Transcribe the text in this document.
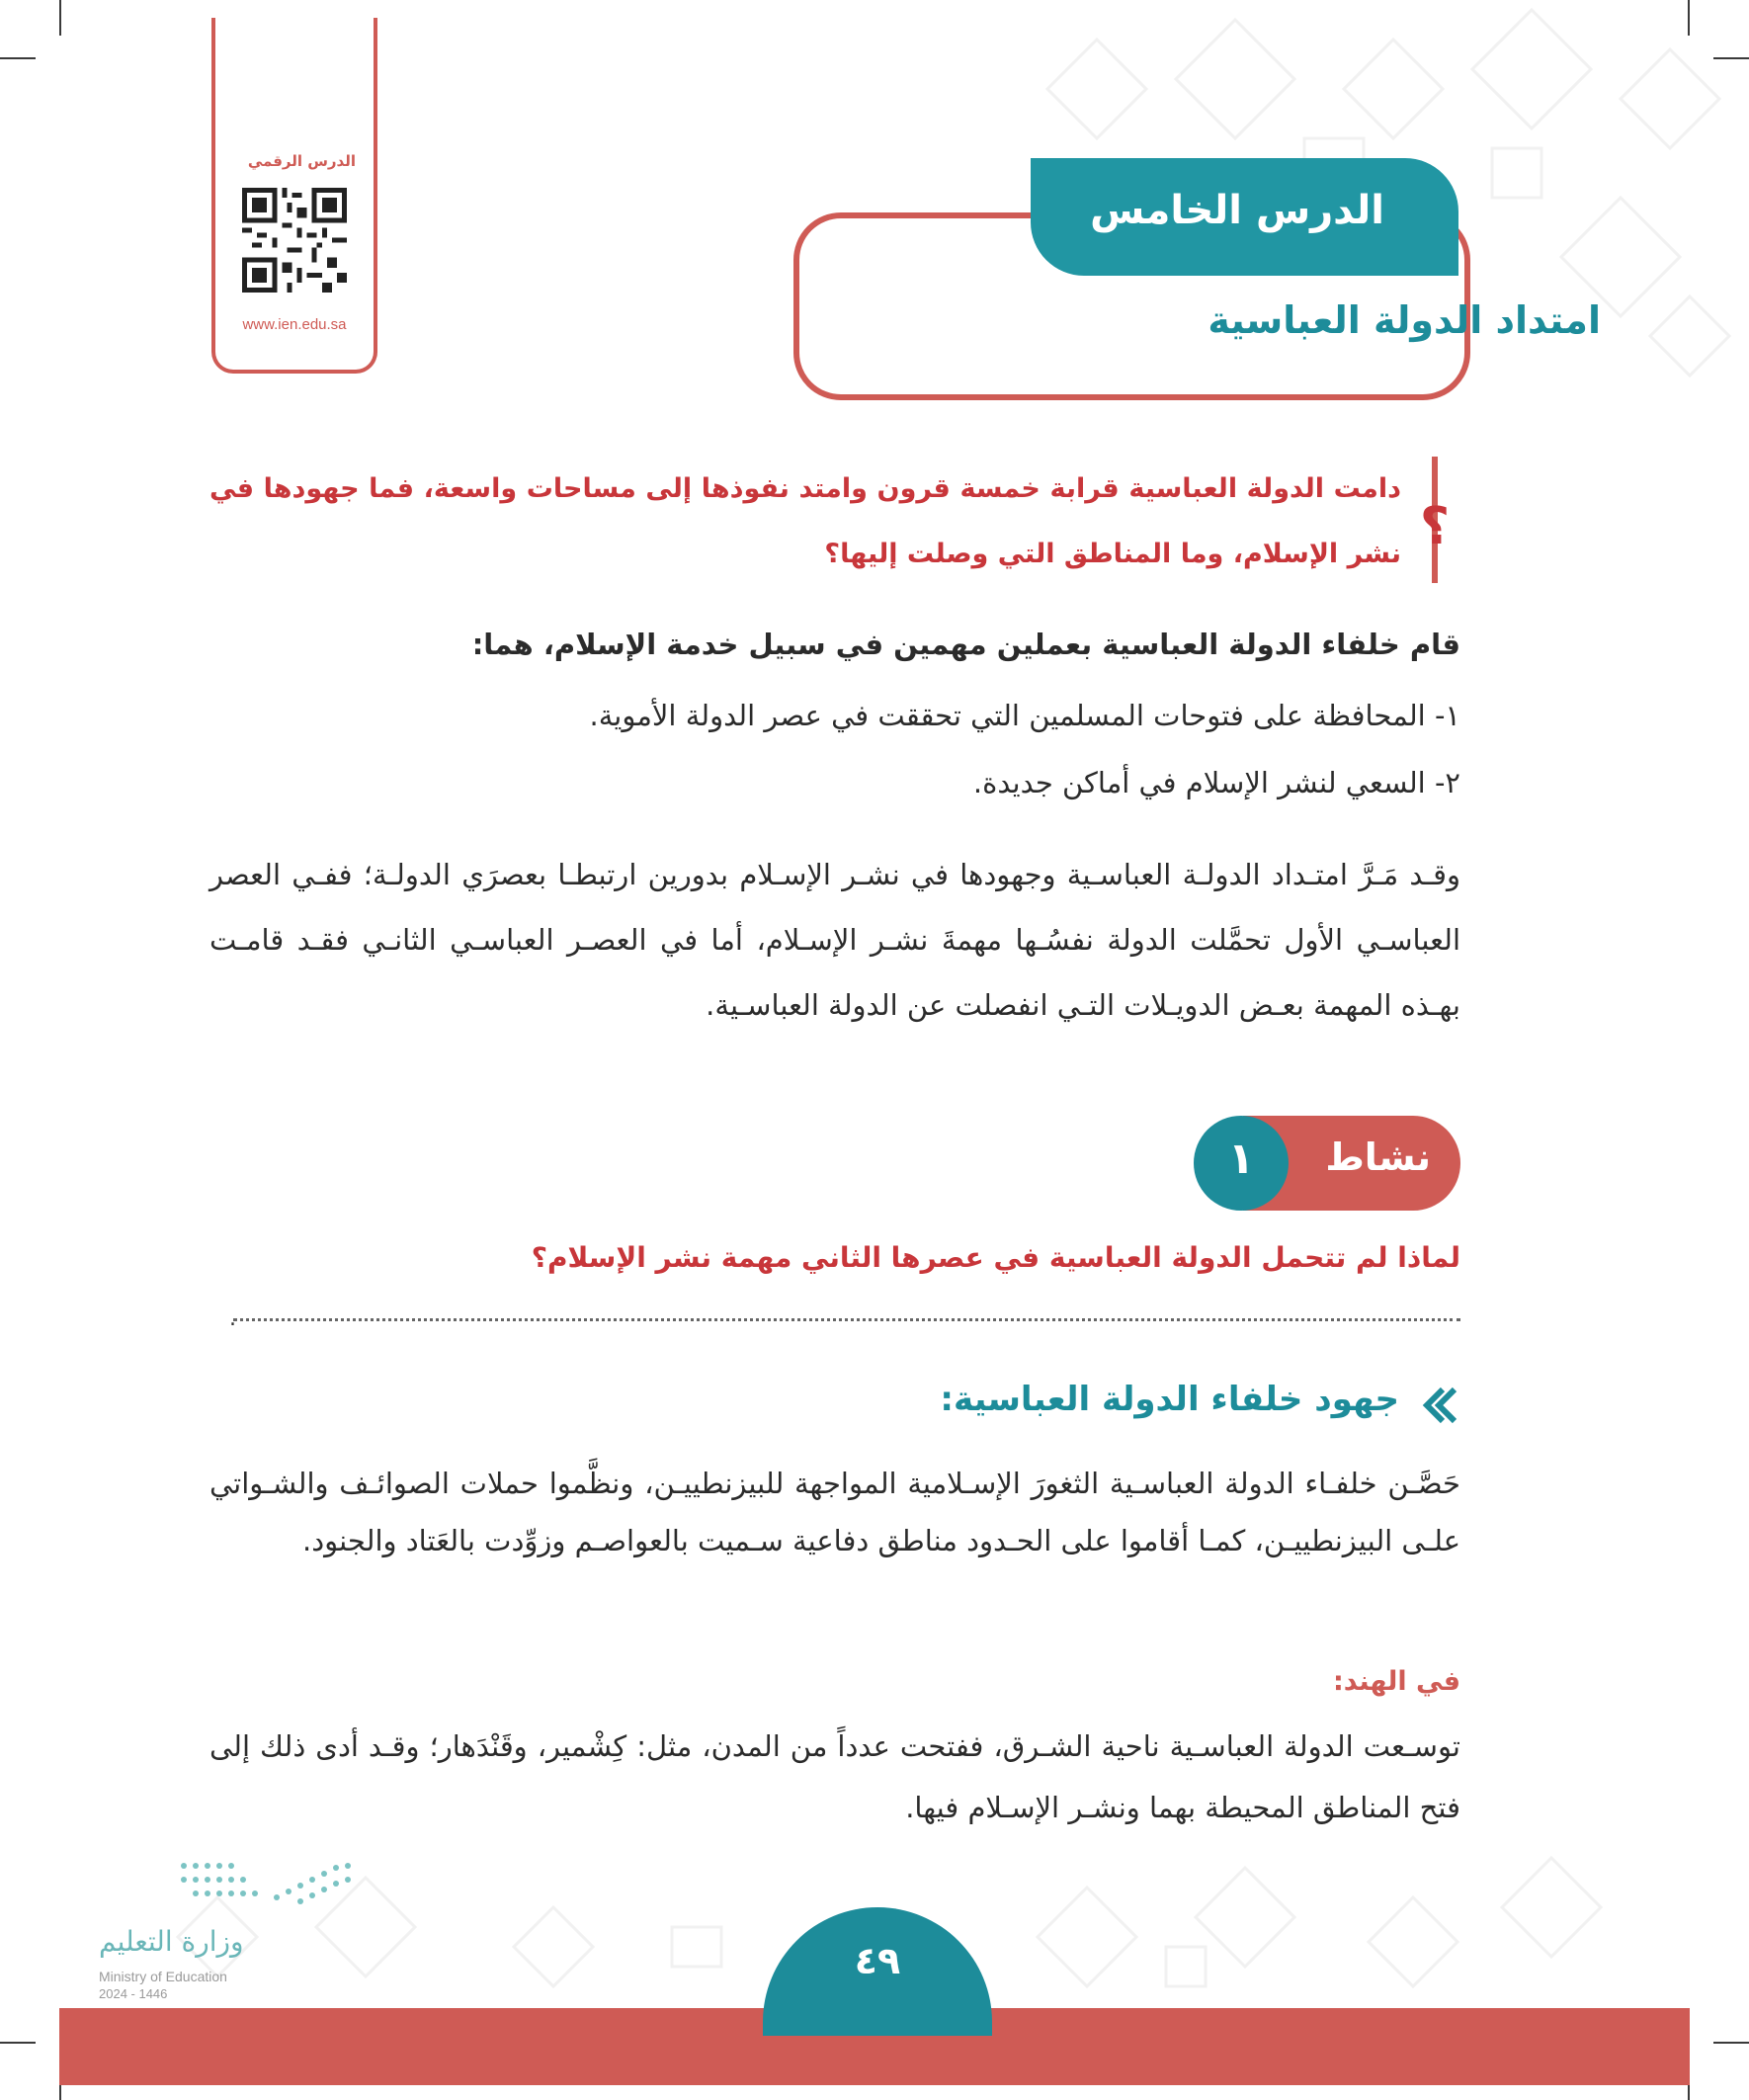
الدرس الرقمي
www.ien.edu.sa
الدرس الخامس
امتداد الدولة العباسية
؟
دامت الدولة العباسية قرابة خمسة قرون وامتد نفوذها إلى مساحات واسعة، فما جهودها في نشر الإسلام، وما المناطق التي وصلت إليها؟
قام خلفاء الدولة العباسية بعملين مهمين في سبيل خدمة الإسلام، هما:
١- المحافظة على فتوحات المسلمين التي تحققت في عصر الدولة الأموية.
٢- السعي لنشر الإسلام في أماكن جديدة.
وقـد مَـرَّ امتـداد الدولـة العباسـية وجهودها في نشـر الإسـلام بدورين ارتبطـا بعصرَي الدولـة؛ ففـي العصر العباسـي الأول تحمَّلت الدولة نفسُـها مهمةَ نشـر الإسـلام، أما في العصـر العباسـي الثانـي فقـد قامـت بهـذه المهمة بعـض الدويـلات التـي انفصلت عن الدولة العباسـية.
نشاط
١
لماذا لم تتحمل الدولة العباسية في عصرها الثاني مهمة نشر الإسلام؟
.
جهود خلفاء الدولة العباسية:
حَصَّـن خلفـاء الدولة العباسـية الثغورَ الإسـلامية المواجهة للبيزنطييـن، ونظَّموا حملات الصوائـف والشـواتي علـى البيزنطييـن، كمـا أقاموا على الحـدود مناطق دفاعية سـميت بالعواصـم وزوِّدت بالعَتاد والجنود.
في الهند:
توسـعت الدولة العباسـية ناحية الشـرق، ففتحت عدداً من المدن، مثل: كِشْمير، وقَنْدَهار؛ وقـد أدى ذلك إلى فتح المناطق المحيطة بهما ونشـر الإسـلام فيها.
وزارة التعليم
Ministry of Education
2024 - 1446
٤٩
